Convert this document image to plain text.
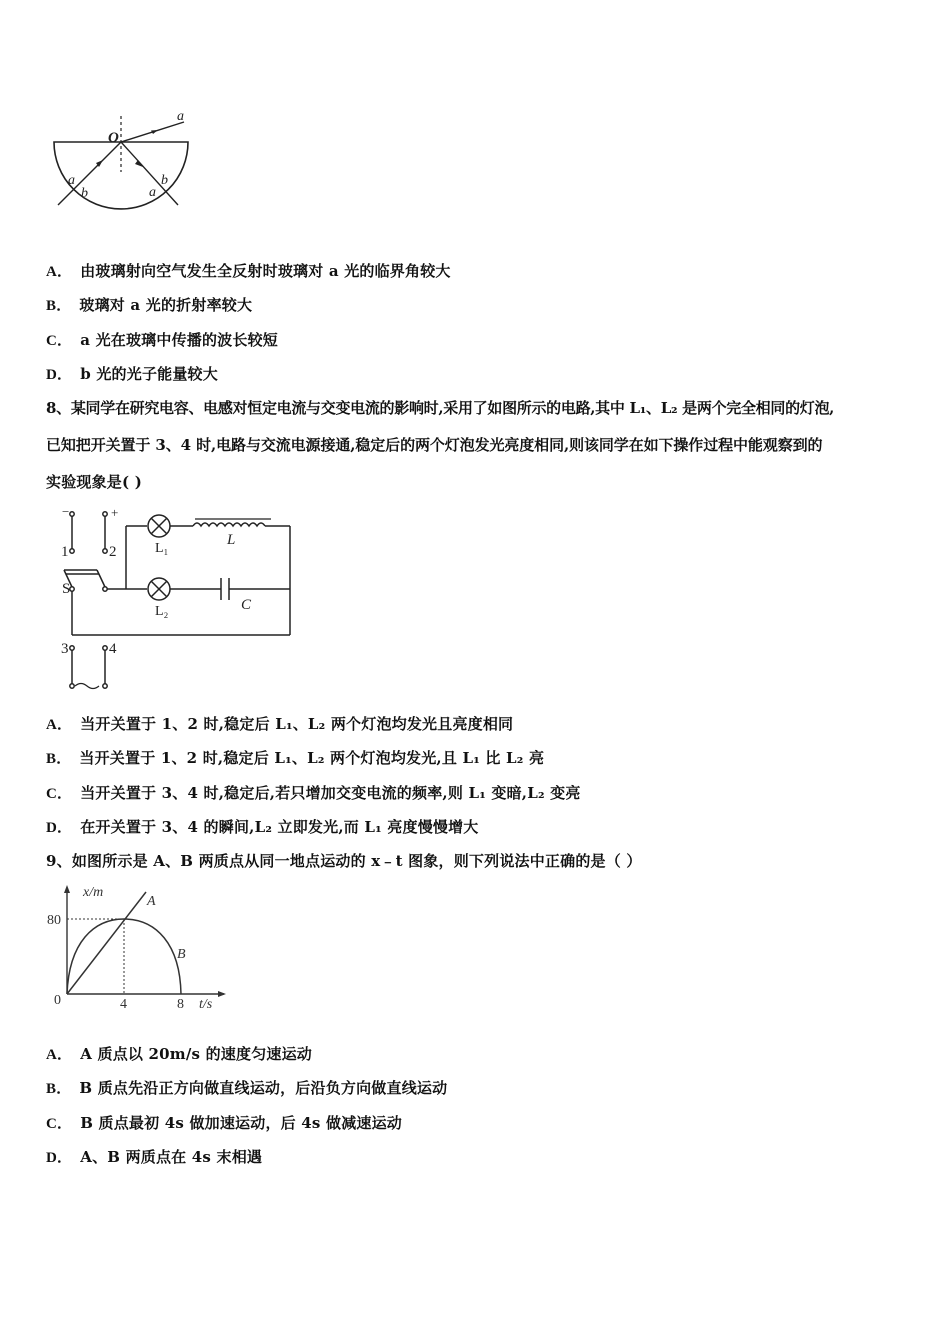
O
a
a
b	a
b
A． 由玻璃射向空气发生全反射时玻璃对 a 光的临界角较大
B． 玻璃对 a 光的折射率较大
C． a 光在玻璃中传播的波长较短
D． b 光的光子能量较大
8、某同学在研究电容、电感对恒定电流与交变电流的影响时,采用了如图所示的电路,其中 L₁、L₂ 是两个完全相同的灯泡,
已知把开关置于 3、4 时,电路与交流电源接通,稳定后的两个灯泡发光亮度相同,则该同学在如下操作过程中能观察到的
实验现象是( )
−	+
1	2
S
L₁
L₂
L
C
3	4
A． 当开关置于 1、2 时,稳定后 L₁、L₂ 两个灯泡均发光且亮度相同
B． 当开关置于 1、2 时,稳定后 L₁、L₂ 两个灯泡均发光,且 L₁ 比 L₂ 亮
C． 当开关置于 3、4 时,稳定后,若只增加交变电流的频率,则 L₁ 变暗,L₂ 变亮
D． 在开关置于 3、4 的瞬间,L₂ 立即发光,而 L₁ 亮度慢慢增大
9、如图所示是 A、B 两质点从同一地点运动的 x﹣t 图象，则下列说法中正确的是（ ）
x/m
80
0	4	8 t/s
A
B
A． A 质点以 20m/s 的速度匀速运动
B． B 质点先沿正方向做直线运动，后沿负方向做直线运动
C． B 质点最初 4s 做加速运动，后 4s 做减速运动
D． A、B 两质点在 4s 末相遇
